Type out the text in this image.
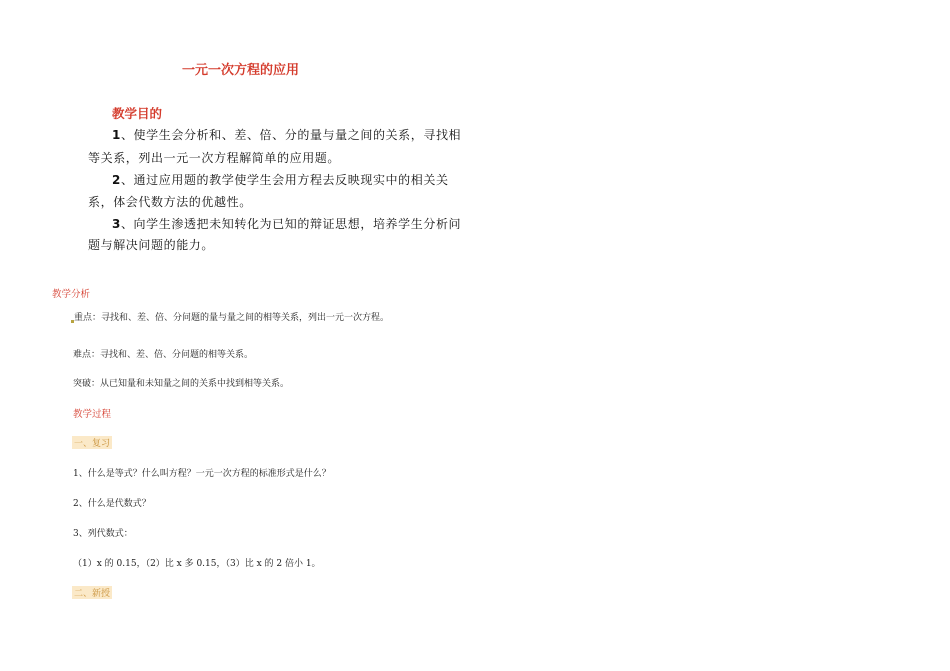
一元一次方程的应用
教学目的
1、使学生会分析和、差、倍、分的量与量之间的关系，寻找相
等关系，列出一元一次方程解简单的应用题。
2、通过应用题的教学使学生会用方程去反映现实中的相关关
系，体会代数方法的优越性。
3、向学生渗透把未知转化为已知的辩证思想，培养学生分析问
题与解决问题的能力。
教学分析
重点：寻找和、差、倍、分问题的量与量之间的相等关系，列出一元一次方程。
难点：寻找和、差、倍、分问题的相等关系。
突破：从已知量和未知量之间的关系中找到相等关系。
教学过程
一、复习
1、什么是等式？什么叫方程？一元一次方程的标准形式是什么？
2、什么是代数式？
3、列代数式：
（1）x 的 0.15，（2）比 x 多 0.15，（3）比 x 的 2 倍小 1。
二、新授
